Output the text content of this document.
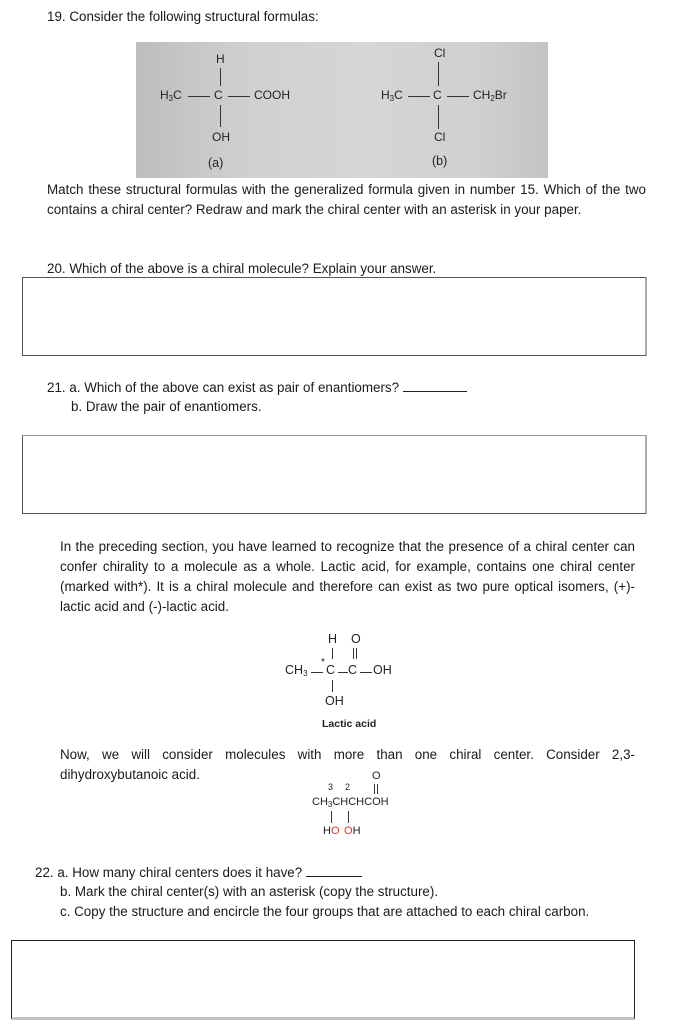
19. Consider the following structural formulas:
H
$H_3C$	C	COOH
OH
(a)
Cl
$H_3C$	C	$CH_2Br$
Cl
(b)
Match these structural formulas with the generalized formula given in number 15. Which of the two contains a chiral center? Redraw and mark the chiral center with an asterisk in your paper.
20. Which of the above is a chiral molecule? Explain your answer.
21. a. Which of the above can exist as pair of enantiomers?
b. Draw the pair of enantiomers.
In the preceding section, you have learned to recognize that the presence of a chiral center can confer chirality to a molecule as a whole. Lactic acid, for example, contains one chiral center (marked with*). It is a chiral molecule and therefore can exist as two pure optical isomers, (+)-lactic acid and (-)-lactic acid.
H O
$CH_3$
*
C C OH
OH
Lactic acid
Now, we will consider molecules with more than one chiral center. Consider 2,3-dihydroxybutanoic acid.	O
3 2
$CH_3CHCHCOH$
HO OH
22. a. How many chiral centers does it have?
b. Mark the chiral center(s) with an asterisk (copy the structure).
c. Copy the structure and encircle the four groups that are attached to each chiral carbon.
